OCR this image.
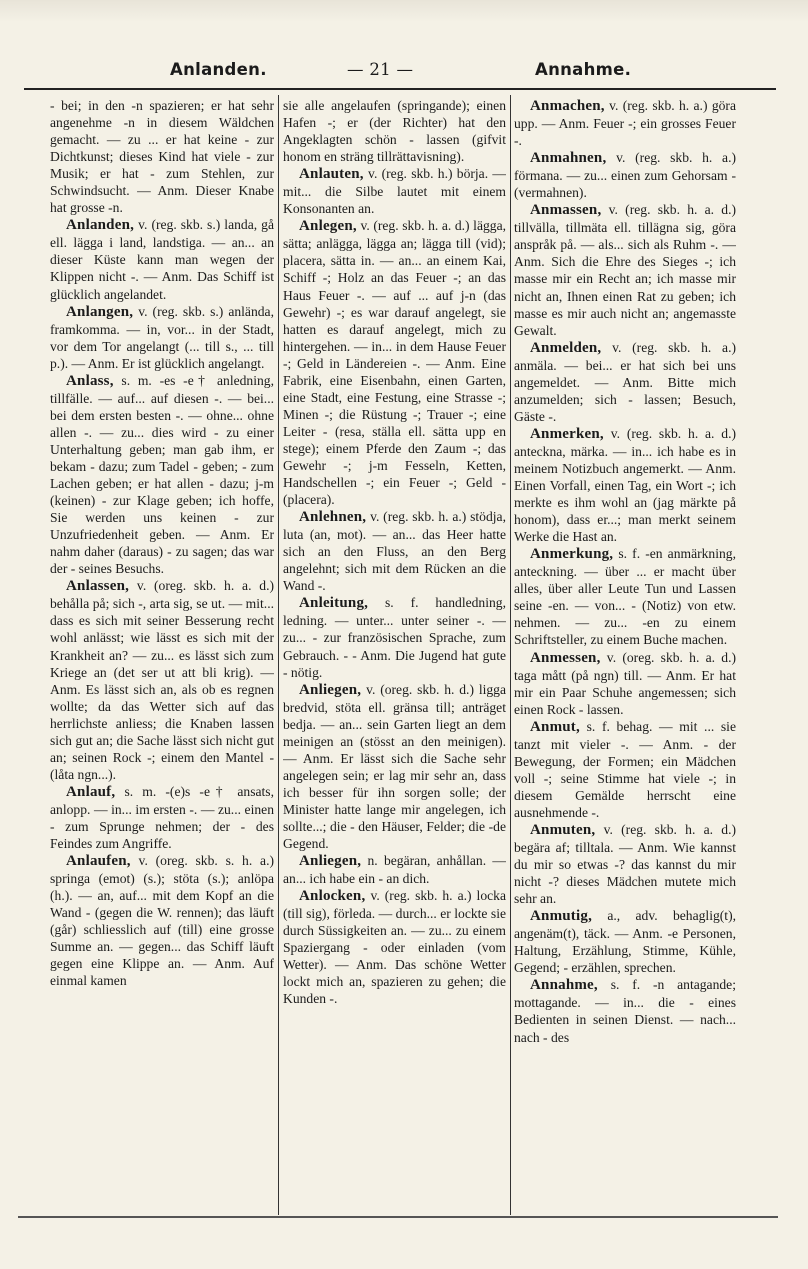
Anlanden.	— 21 —	Annahme.

- bei; in den -n spazieren; er hat sehr angenehme -n in diesem Wäldchen gemacht. — zu ... er hat keine - zur Dichtkunst; dieses Kind hat viele - zur Musik; er hat - zum Stehlen, zur Schwindsucht. — Anm. Dieser Knabe hat grosse -n.

Anlanden, v. (reg. skb. s.) landa, gå ell. lägga i land, landstiga. — an... an dieser Küste kann man wegen der Klippen nicht -. — Anm. Das Schiff ist glücklich angelandet.

Anlangen, v. (reg. skb. s.) anlända, framkomma. — in, vor... in der Stadt, vor dem Tor angelangt (... till s., ... till p.). — Anm. Er ist glücklich angelangt.

Anlass, s. m. -es -e† anledning, tillfälle. — auf... auf diesen -. — bei... bei dem ersten besten -. — ohne... ohne allen -. — zu... dies wird - zu einer Unterhaltung geben; man gab ihm, er bekam - dazu; zum Tadel - geben; - zum Lachen geben; er hat allen - dazu; j-m (keinen) - zur Klage geben; ich hoffe, Sie werden uns keinen - zur Unzufriedenheit geben. — Anm. Er nahm daher (daraus) - zu sagen; das war der - seines Besuchs.

Anlassen, v. (oreg. skb. h. a. d.) behålla på; sich -, arta sig, se ut. — mit... dass es sich mit seiner Besserung recht wohl anlässt; wie lässt es sich mit der Krankheit an? — zu... es lässt sich zum Kriege an (det ser ut att bli krig). — Anm. Es lässt sich an, als ob es regnen wollte; da das Wetter sich auf das herrlichste anliess; die Knaben lassen sich gut an; die Sache lässt sich nicht gut an; seinen Rock -; einem den Mantel - (låta ngn...).

Anlauf, s. m. -(e)s -e† ansats, anlopp. — in... im ersten -. — zu... einen - zum Sprunge nehmen; der - des Feindes zum Angriffe.

Anlaufen, v. (oreg. skb. s. h. a.) springa (emot) (s.); stöta (s.); anlöpa (h.). — an, auf... mit dem Kopf an die Wand - (gegen die W. rennen); das läuft (går) schliesslich auf (till) eine grosse Summe an. — gegen... das Schiff läuft gegen eine Klippe an. — Anm. Auf einmal kamen

sie alle angelaufen (springande); einen Hafen -; er (der Richter) hat den Angeklagten schön - lassen (gifvit honom en sträng tillrättavisning).

Anlauten, v. (reg. skb. h.) börja. — mit... die Silbe lautet mit einem Konsonanten an.

Anlegen, v. (reg. skb. h. a. d.) lägga, sätta; anlägga, lägga an; lägga till (vid); placera, sätta in. — an... an einem Kai, Schiff -; Holz an das Feuer -; an das Haus Feuer -. — auf ... auf j-n (das Gewehr) -; es war darauf angelegt, sie hatten es darauf angelegt, mich zu hintergehen. — in... in dem Hause Feuer -; Geld in Ländereien -. — Anm. Eine Fabrik, eine Eisenbahn, einen Garten, eine Stadt, eine Festung, eine Strasse -; Minen -; die Rüstung -; Trauer -; eine Leiter - (resa, ställa ell. sätta upp en stege); einem Pferde den Zaum -; das Gewehr -; j-m Fesseln, Ketten, Handschellen -; ein Feuer -; Geld - (placera).

Anlehnen, v. (reg. skb. h. a.) stödja, luta (an, mot). — an... das Heer hatte sich an den Fluss, an den Berg angelehnt; sich mit dem Rücken an die Wand -.

Anleitung, s. f. handledning, ledning. — unter... unter seiner -. — zu... - zur französischen Sprache, zum Gebrauch. - - Anm. Die Jugend hat gute - nötig.

Anliegen, v. (oreg. skb. h. d.) ligga bredvid, stöta ell. gränsa till; anträget bedja. — an... sein Garten liegt an dem meinigen an (stösst an den meinigen). — Anm. Er lässt sich die Sache sehr angelegen sein; er lag mir sehr an, dass ich besser für ihn sorgen solle; der Minister hatte lange mir angelegen, ich sollte...; die - den Häuser, Felder; die -de Gegend.

Anliegen, n. begäran, anhållan. — an... ich habe ein - an dich.

Anlocken, v. (reg. skb. h. a.) locka (till sig), förleda. — durch... er lockte sie durch Süssigkeiten an. — zu... zu einem Spaziergang - oder einladen (vom Wetter). — Anm. Das schöne Wetter lockt mich an, spazieren zu gehen; die Kunden -.

Anmachen, v. (reg. skb. h. a.) göra upp. — Anm. Feuer -; ein grosses Feuer -.

Anmahnen, v. (reg. skb. h. a.) förmana. — zu... einen zum Gehorsam - (vermahnen).

Anmassen, v. (reg. skb. h. a. d.) tillvälla, tillmäta ell. tillägna sig, göra anspråk på. — als... sich als Ruhm -. — Anm. Sich die Ehre des Sieges -; ich masse mir ein Recht an; ich masse mir nicht an, Ihnen einen Rat zu geben; ich masse es mir auch nicht an; angemasste Gewalt.

Anmelden, v. (reg. skb. h. a.) anmäla. — bei... er hat sich bei uns angemeldet. — Anm. Bitte mich anzumelden; sich - lassen; Besuch, Gäste -.

Anmerken, v. (reg. skb. h. a. d.) anteckna, märka. — in... ich habe es in meinem Notizbuch angemerkt. — Anm. Einen Vorfall, einen Tag, ein Wort -; ich merkte es ihm wohl an (jag märkte på honom), dass er...; man merkt seinem Werke die Hast an.

Anmerkung, s. f. -en anmärkning, anteckning. — über ... er macht über alles, über aller Leute Tun und Lassen seine -en. — von... - (Notiz) von etw. nehmen. — zu... -en zu einem Schriftsteller, zu einem Buche machen.

Anmessen, v. (oreg. skb. h. a. d.) taga mått (på ngn) till. — Anm. Er hat mir ein Paar Schuhe angemessen; sich einen Rock - lassen.

Anmut, s. f. behag. — mit ... sie tanzt mit vieler -. — Anm. - der Bewegung, der Formen; ein Mädchen voll -; seine Stimme hat viele -; in diesem Gemälde herrscht eine ausnehmende -.

Anmuten, v. (reg. skb. h. a. d.) begära af; tilltala. — Anm. Wie kannst du mir so etwas -? das kannst du mir nicht -? dieses Mädchen mutete mich sehr an.

Anmutig, a., adv. behaglig(t), angenäm(t), täck. — Anm. -e Personen, Haltung, Erzählung, Stimme, Kühle, Gegend; - erzählen, sprechen.

Annahme, s. f. -n antagande; mottagande. — in... die - eines Bedienten in seinen Dienst. — nach... nach - des
